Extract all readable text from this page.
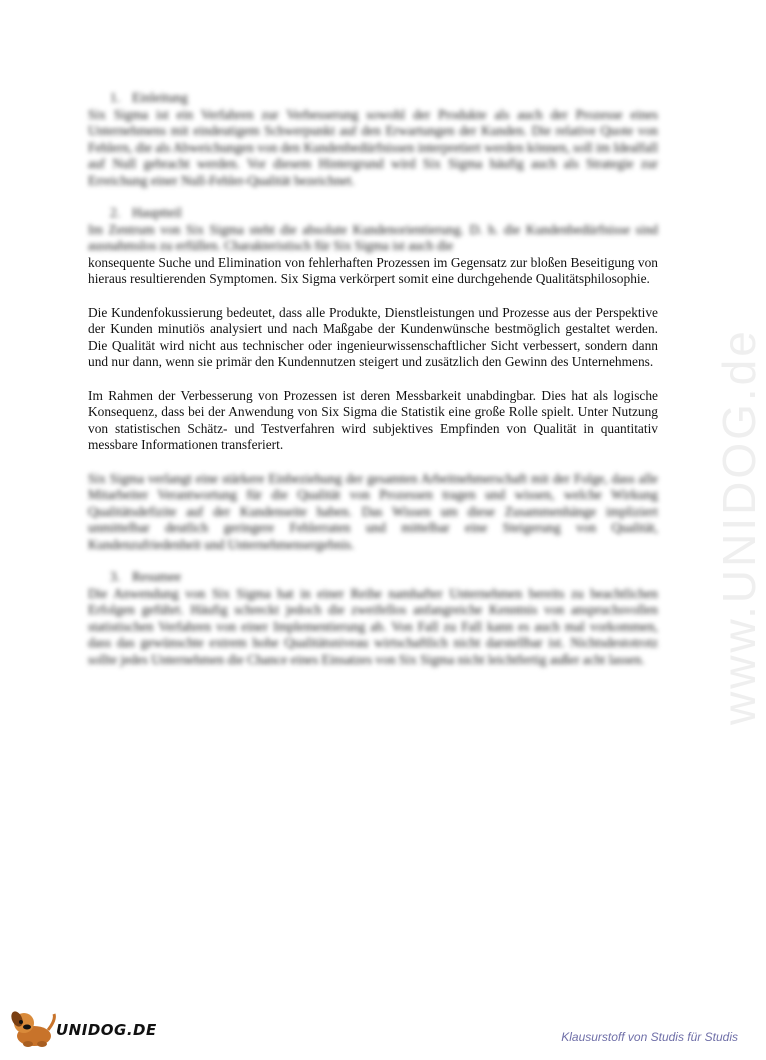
www.UNIDOG.de

1. Einleitung

Six Sigma ist ein Verfahren zur Verbesserung sowohl der Produkte als auch der Prozesse eines Unternehmens mit eindeutigem Schwerpunkt auf den Erwartungen der Kunden. Die relative Quote von Fehlern, die als Abweichungen von den Kundenbedürfnissen interpretiert werden können, soll im Idealfall auf Null gebracht werden. Vor diesem Hintergrund wird Six Sigma häufig auch als Strategie zur Erreichung einer Null-Fehler-Qualität bezeichnet.

2. Hauptteil

Im Zentrum von Six Sigma steht die absolute Kundenorientierung. D. h. die Kundenbedürfnisse sind ausnahmslos zu erfüllen. Charakteristisch für Six Sigma ist auch die

konsequente Suche und Elimination von fehlerhaften Prozessen im Gegensatz zur bloßen Beseitigung von hieraus resultierenden Symptomen. Six Sigma verkörpert somit eine durchgehende Qualitätsphilosophie.

Die Kundenfokussierung bedeutet, dass alle Produkte, Dienstleistungen und Prozesse aus der Perspektive der Kunden minutiös analysiert und nach Maßgabe der Kundenwünsche bestmöglich gestaltet werden. Die Qualität wird nicht aus technischer oder ingenieurwissenschaftlicher Sicht verbessert, sondern dann und nur dann, wenn sie primär den Kundennutzen steigert und zusätzlich den Gewinn des Unternehmens.

Im Rahmen der Verbesserung von Prozessen ist deren Messbarkeit unabdingbar. Dies hat als logische Konsequenz, dass bei der Anwendung von Six Sigma die Statistik eine große Rolle spielt. Unter Nutzung von statistischen Schätz- und Testverfahren wird subjektives Empfinden von Qualität in quantitativ messbare Informationen transferiert.

Six Sigma verlangt eine stärkere Einbeziehung der gesamten Arbeitnehmerschaft mit der Folge, dass alle Mitarbeiter Verantwortung für die Qualität von Prozessen tragen und wissen, welche Wirkung Qualitätsdefizite auf der Kundenseite haben. Das Wissen um diese Zusammenhänge impliziert unmittelbar deutlich geringere Fehlerraten und mittelbar eine Steigerung von Qualität, Kundenzufriedenheit und Unternehmensergebnis.

3. Resumee

Die Anwendung von Six Sigma hat in einer Reihe namhafter Unternehmen bereits zu beachtlichen Erfolgen geführt. Häufig schreckt jedoch die zweifellos anfangreiche Kenntnis von anspruchsvollen statistischen Verfahren von einer Implementierung ab. Von Fall zu Fall kann es auch mal vorkommen, dass das gewünschte extrem hohe Qualitätsniveau wirtschaftlich nicht darstellbar ist. Nichtsdestotrotz sollte jedes Unternehmen die Chance eines Einsatzes von Six Sigma nicht leichtfertig außer acht lassen.

UNIDOG.DE	Klausurstoff von Studis für Studis
